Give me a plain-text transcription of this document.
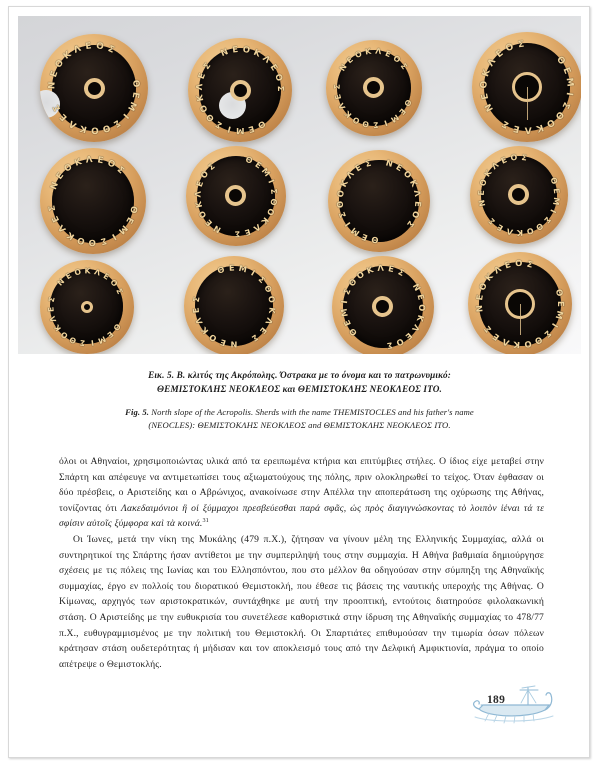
Θ
Ε
Μ
Ι
Σ
Θ
Ο
Κ
Λ
Ε
Σ
Ν
Ε
Ο
Κ
Λ Ε Ο Σ
Θ
Ε
Μ
Ι
Σ
Θ
Ο
Κ
Λ
Ε
Σ
Ν Ε Ο Κ
Λ
Ε
Ο
Σ
Θ
Ε
Μ
Ι
Σ
Θ
Ο
Κ
Λ
Ε
Σ
Ν
Ε
Ο Κ Λ Ε Ο
Σ	Θ
Ε
Μ
Ι
Σ
Θ
Ο
Κ
Λ
Ε
Σ
Ν
Ε
Ο
Κ
Λ
Ε
Ο Σ
Θ
Ε
Μ
Ι
Σ
Θ
Ο
Κ
Λ
Ε
Σ
Ν
Ε
Ο
Κ Λ Ε Ο
Σ
Θ Ε
Μ
Ι
Σ
Θ
Ο
Κ
Λ
Ε
Σ
Ν
Ε
Ο
Κ
Λ
Ε
Ο
Σ
Θ
Ε
Μ
Ι
Σ
Θ
Ο
Κ
Λ
Ε Σ Ν Ε
Ο
Κ
Λ
Ε
Ο
Σ
Θ
Ε
Μ
Ι
Σ
Θ
Ο
Κ
Λ
Ε
Σ
Ν
Ε
Ο
Κ
Λ Ε Ο Σ
Θ
Ε
Μ
Ι
Σ
Θ
Ο
Κ
Λ
Ε
Σ
Ν
Ε Ο Κ Λ Ε
Ο
Σ
Θ Ε Μ Ι
Σ
Θ
Ο
Κ
Λ
Ε
Σ
Ν
Ε
Ο
Κ
Λ
Ε
Σ
Θ
Ε
Μ
Ι
Σ
Θ
Ο Κ Λ Ε Σ
Ν
Ε
Ο
Κ
Λ
Ε
Ο
Σ
Θ
Ε
Μ
Ι
Σ
Θ
Ο
Κ
Λ
Ε
Σ
Ν
Ε
Ο
Κ
Λ Ε Ο Σ
Εικ. 5. Β. κλιτύς της Ακρόπολης. Όστρακα με το όνομα και το πατρωνυμικό:
ΘΕΜΙΣΤΟΚΛΗΣ ΝΕΟΚΛΕΟΣ και ΘΕΜΙΣΤΟΚΛΗΣ ΝΕΟΚΛΕΟΣ ΙΤΟ.
Fig. 5. North slope of the Acropolis. Sherds with the name THEMISTOCLES and his father's name
(NEOCLES): ΘΕΜΙΣΤΟΚΛΗΣ ΝΕΟΚΛΕΟΣ and ΘΕΜΙΣΤΟΚΛΗΣ ΝΕΟΚΛΕΟΣ ΙΤΟ.

όλοι οι Αθηναίοι, χρησιμοποιώντας υλικά από τα ερειπωμένα κτήρια και επιτύμβιες στήλες. Ο ίδιος είχε μεταβεί στην Σπάρτη και απέφευγε να αντιμετωπίσει τους αξιωματούχους της πόλης, πριν ολοκληρωθεί το τείχος. Όταν έφθασαν οι δύο πρέσβεις, ο Αριστείδης και ο Αβρώνιχος, ανακοίνωσε στην Απέλλα την αποπεράτωση της οχύρωσης της Αθήνας, τονίζοντας ότι Λακεδαιμόνιοι ἢ οἱ ξύμμαχοι πρεσβεύεσθαι παρά σφᾶς, ὡς πρὸς διαγιγνώσκοντας τὸ λοιπὸν ἰέναι τά τε σφίσιν αὐτοῖς ξύμφορα καὶ τὰ κοινά.$^{31}$

Οι Ίωνες, μετά την νίκη της Μυκάλης (479 π.Χ.), ζήτησαν να γίνουν μέλη της Ελληνικής Συμμαχίας, αλλά οι συντηρητικοί της Σπάρτης ήσαν αντίθετοι με την συμπεριληψή τους στην συμμαχία. Η Αθήνα βαθμιαία δημιούργησε σχέσεις με τις πόλεις της Ιωνίας και του Ελλησπόντου, που στο μέλλον θα οδηγούσαν στην σύμπηξη της Αθηναϊκής συμμαχίας, έργο εν πολλοίς του διορατικού Θεμιστοκλή, που έθεσε τις βάσεις της ναυτικής υπεροχής της Αθήνας. Ο Κίμωνας, αρχηγός των αριστοκρατικών, συντάχθηκε με αυτή την προοπτική, εντούτοις διατηρούσε φιλολακωνική στάση. Ο Αριστείδης με την ευθυκρισία του συνετέλεσε καθοριστικά στην ίδρυση της Αθηναϊκής συμμαχίας το 478/77 π.Χ., ευθυγραμμισμένος με την πολιτική του Θεμιστοκλή. Οι Σπαρτιάτες επιθυμούσαν την τιμωρία όσων πόλεων κράτησαν στάση ουδετερότητας ή μήδισαν και τον αποκλεισμό τους από την Δελφική Αμφικτιονία, πράγμα το οποίο απέτρεψε ο Θεμιστοκλής.

189
